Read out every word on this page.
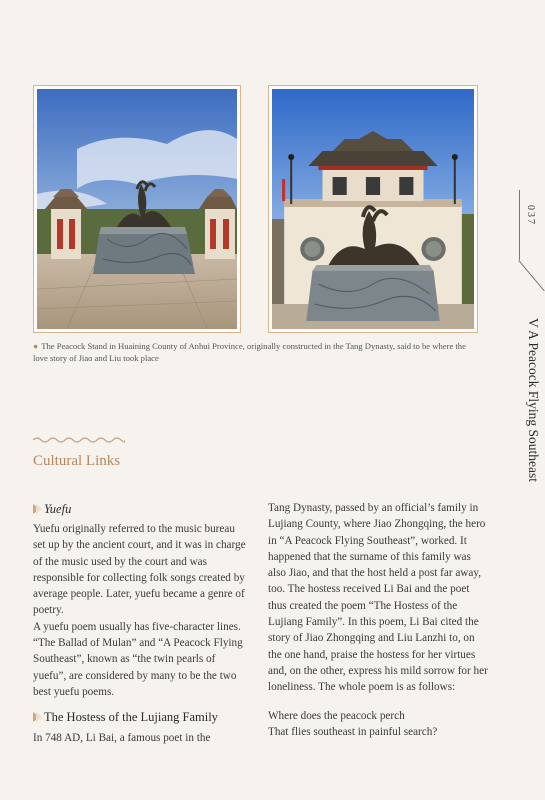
● The Peacock Stand in Huaining County of Anhui Province, originally constructed in the Tang Dynasty, said to be where the love story of Jiao and Liu took place
037
V A Peacock Flying Southeast
Cultural Links
Yuefu

Yuefu originally referred to the music bureau set up by the ancient court, and it was in charge of the music used by the court and was responsible for collecting folk songs created by average people. Later, yuefu became a genre of poetry.

A yuefu poem usually has five-character lines. “The Ballad of Mulan” and “A Peacock Flying Southeast”, known as “the twin pearls of yuefu”, are considered by many to be the two best yuefu poems.

The Hostess of the Lujiang Family

In 748 AD, Li Bai, a famous poet in the

Tang Dynasty, passed by an official’s family in Lujiang County, where Jiao Zhongqing, the hero in “A Peacock Flying Southeast”, worked. It happened that the surname of this family was also Jiao, and that the host held a post far away, too. The hostess received Li Bai and the poet thus created the poem “The Hostess of the Lujiang Family”. In this poem, Li Bai cited the story of Jiao Zhongqing and Liu Lanzhi to, on the one hand, praise the hostess for her virtues and, on the other, express his mild sorrow for her loneliness. The whole poem is as follows:

Where does the peacock perch

That flies southeast in painful search?
